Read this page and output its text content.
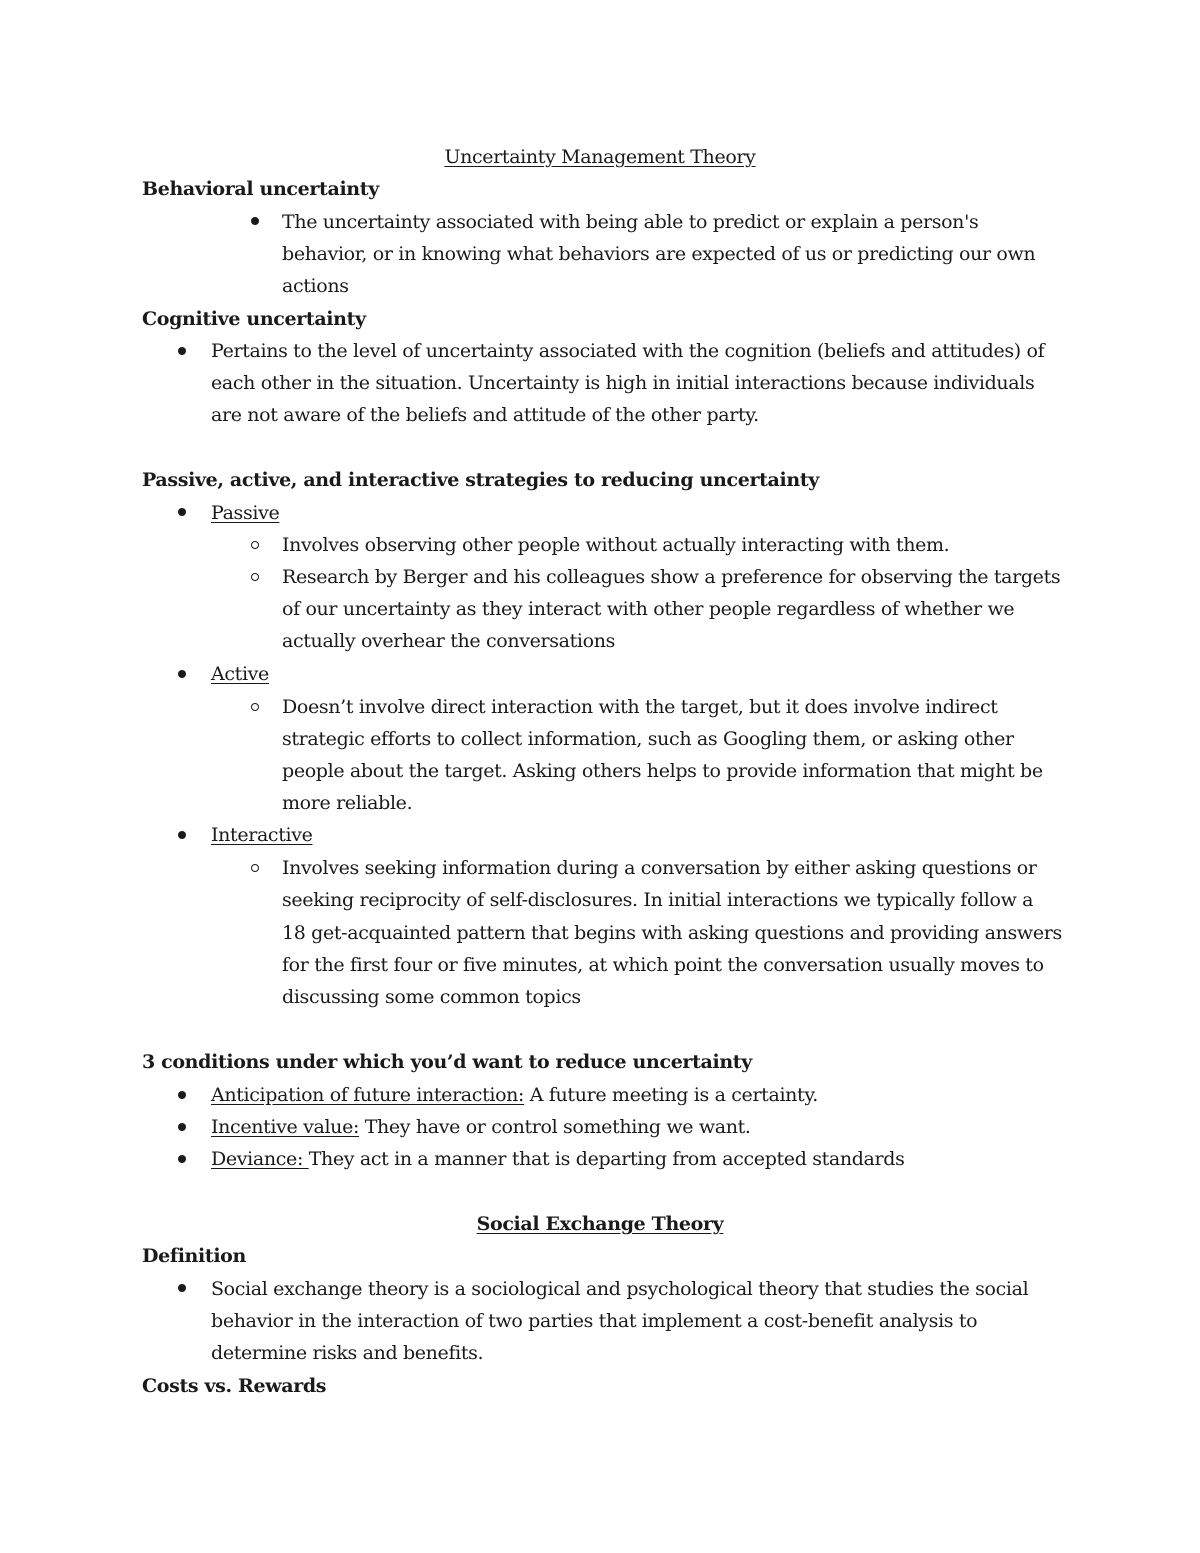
Uncertainty Management Theory
Behavioral uncertainty
The uncertainty associated with being able to predict or explain a person's
behavior, or in knowing what behaviors are expected of us or predicting our own
actions
Cognitive uncertainty
Pertains to the level of uncertainty associated with the cognition (beliefs and attitudes) of
each other in the situation. Uncertainty is high in initial interactions because individuals
are not aware of the beliefs and attitude of the other party.
Passive, active, and interactive strategies to reducing uncertainty
Passive
Involves observing other people without actually interacting with them.
Research by Berger and his colleagues show a preference for observing the targets
of our uncertainty as they interact with other people regardless of whether we
actually overhear the conversations
Active
Doesn’t involve direct interaction with the target, but it does involve indirect
strategic efforts to collect information, such as Googling them, or asking other
people about the target. Asking others helps to provide information that might be
more reliable.
Interactive
Involves seeking information during a conversation by either asking questions or
seeking reciprocity of self-disclosures. In initial interactions we typically follow a
18 get-acquainted pattern that begins with asking questions and providing answers
for the first four or five minutes, at which point the conversation usually moves to
discussing some common topics
3 conditions under which you’d want to reduce uncertainty
Anticipation of future interaction: A future meeting is a certainty.
Incentive value: They have or control something we want.
Deviance: They act in a manner that is departing from accepted standards
Social Exchange Theory
Definition
Social exchange theory is a sociological and psychological theory that studies the social
behavior in the interaction of two parties that implement a cost-benefit analysis to
determine risks and benefits.
Costs vs. Rewards
